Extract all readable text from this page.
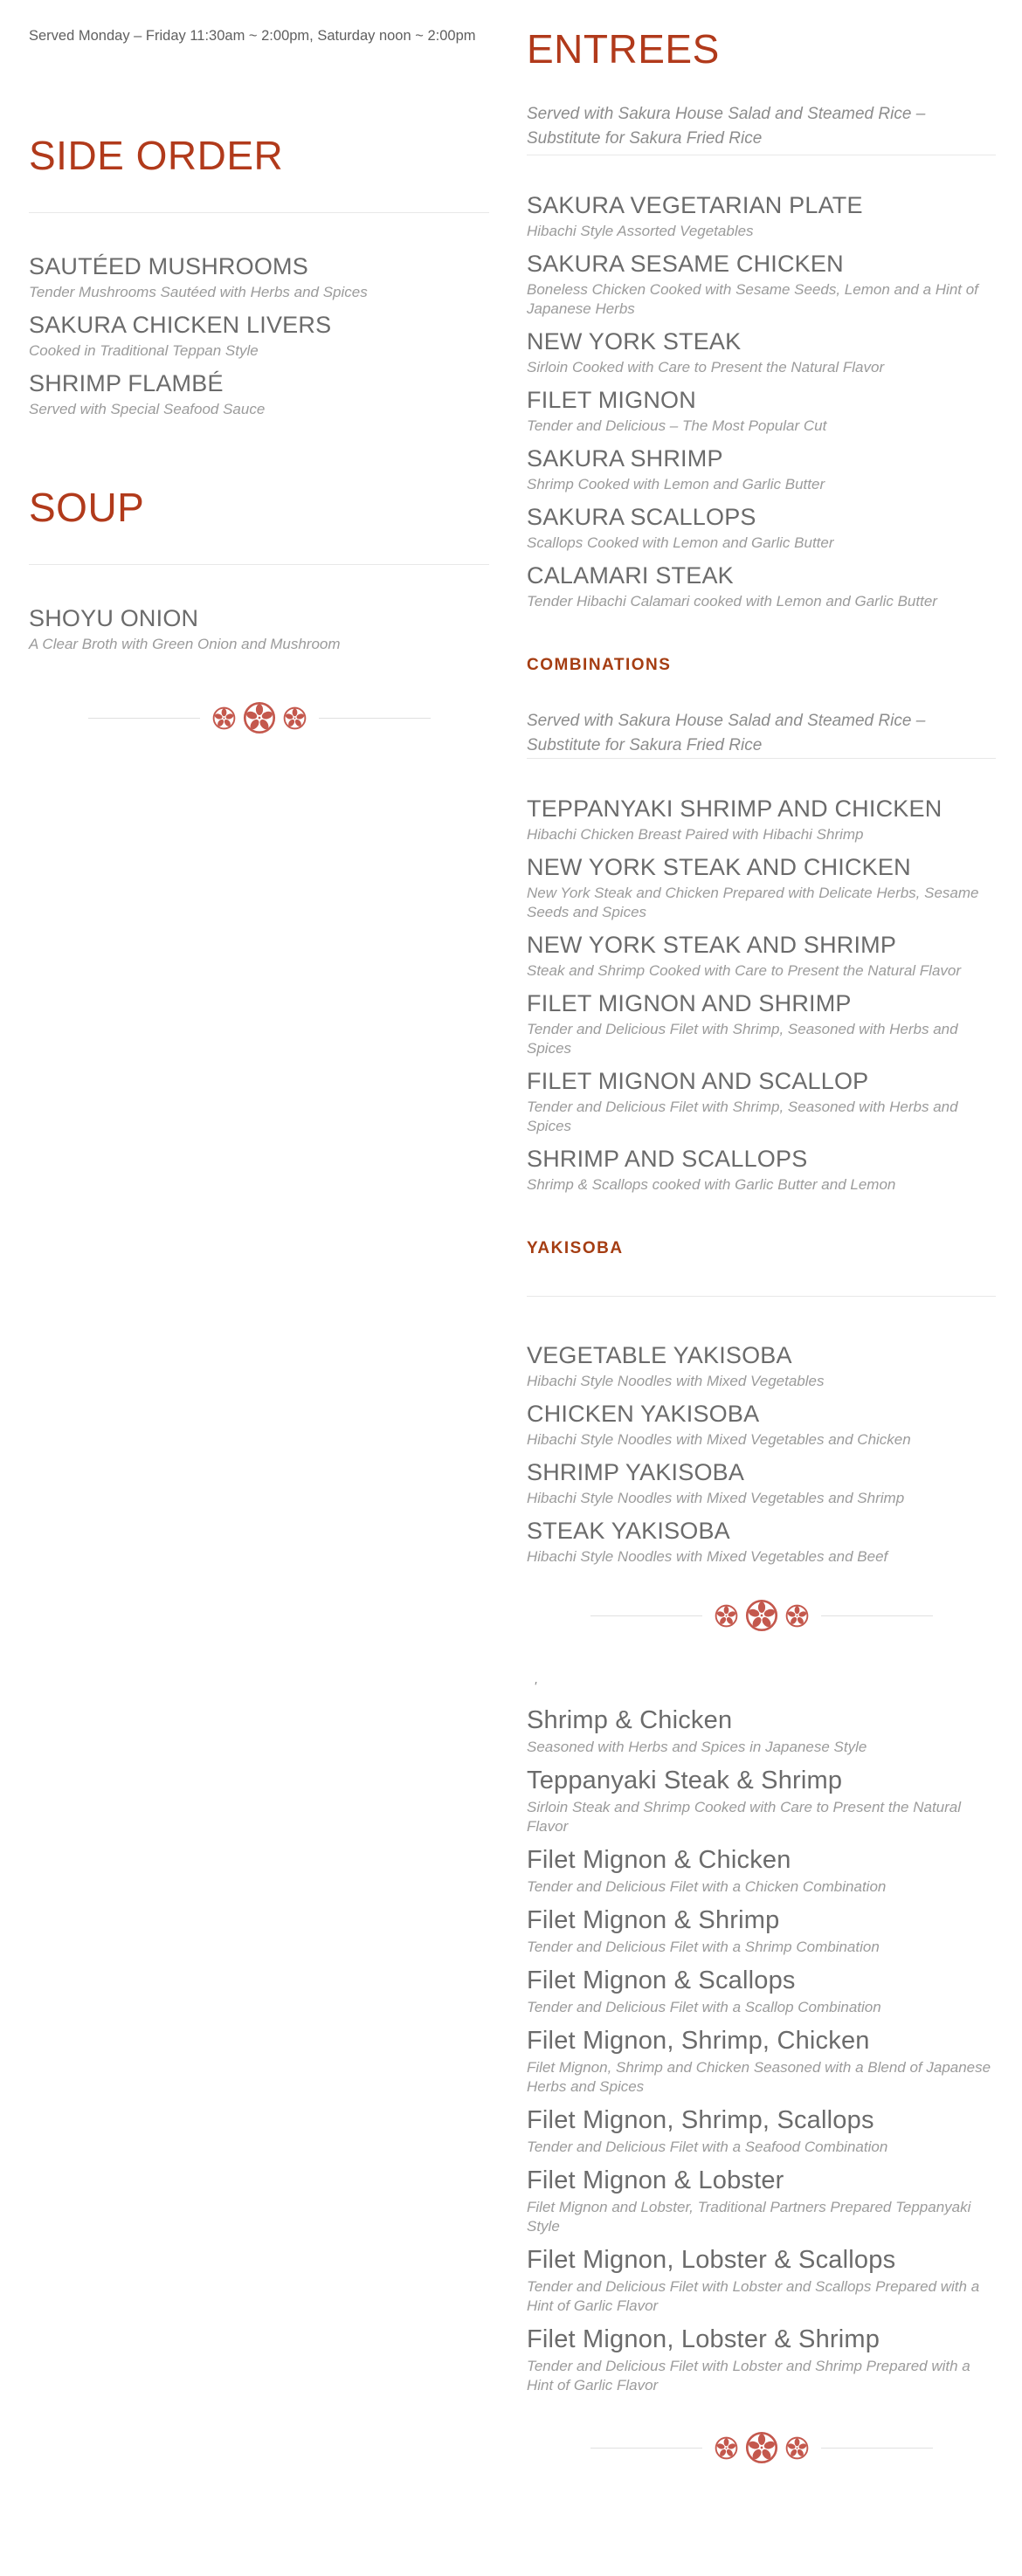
Served Monday – Friday 11:30am ~ 2:00pm, Saturday noon ~ 2:00pm

SIDE ORDER
SAUTÉED MUSHROOMS
Tender Mushrooms Sautéed with Herbs and Spices
SAKURA CHICKEN LIVERS
Cooked in Traditional Teppan Style
SHRIMP FLAMBÉ
Served with Special Seafood Sauce
SOUP
SHOYU ONION
A Clear Broth with Green Onion and Mushroom
ENTREES

Served with Sakura House Salad and Steamed Rice – Substitute for Sakura Fried Rice

SAKURA VEGETARIAN PLATE
Hibachi Style Assorted Vegetables
SAKURA SESAME CHICKEN
Boneless Chicken Cooked with Sesame Seeds, Lemon and a Hint of Japanese Herbs
NEW YORK STEAK
Sirloin Cooked with Care to Present the Natural Flavor
FILET MIGNON
Tender and Delicious – The Most Popular Cut
SAKURA SHRIMP
Shrimp Cooked with Lemon and Garlic Butter
SAKURA SCALLOPS
Scallops Cooked with Lemon and Garlic Butter
CALAMARI STEAK
Tender Hibachi Calamari cooked with Lemon and Garlic Butter
COMBINATIONS

Served with Sakura House Salad and Steamed Rice – Substitute for Sakura Fried Rice

TEPPANYAKI SHRIMP AND CHICKEN
Hibachi Chicken Breast Paired with Hibachi Shrimp
NEW YORK STEAK AND CHICKEN
New York Steak and Chicken Prepared with Delicate Herbs, Sesame Seeds and Spices
NEW YORK STEAK AND SHRIMP
Steak and Shrimp Cooked with Care to Present the Natural Flavor
FILET MIGNON AND SHRIMP
Tender and Delicious Filet with Shrimp, Seasoned with Herbs and Spices
FILET MIGNON AND SCALLOP
Tender and Delicious Filet with Shrimp, Seasoned with Herbs and Spices
SHRIMP AND SCALLOPS
Shrimp & Scallops cooked with Garlic Butter and Lemon
YAKISOBA
VEGETABLE YAKISOBA
Hibachi Style Noodles with Mixed Vegetables
CHICKEN YAKISOBA
Hibachi Style Noodles with Mixed Vegetables and Chicken
SHRIMP YAKISOBA
Hibachi Style Noodles with Mixed Vegetables and Shrimp
STEAK YAKISOBA
Hibachi Style Noodles with Mixed Vegetables and Beef
'
Shrimp & Chicken
Seasoned with Herbs and Spices in Japanese Style
Teppanyaki Steak & Shrimp
Sirloin Steak and Shrimp Cooked with Care to Present the Natural Flavor
Filet Mignon & Chicken
Tender and Delicious Filet with a Chicken Combination
Filet Mignon & Shrimp
Tender and Delicious Filet with a Shrimp Combination
Filet Mignon & Scallops
Tender and Delicious Filet with a Scallop Combination
Filet Mignon, Shrimp, Chicken
Filet Mignon, Shrimp and Chicken Seasoned with a Blend of Japanese Herbs and Spices
Filet Mignon, Shrimp, Scallops
Tender and Delicious Filet with a Seafood Combination
Filet Mignon & Lobster
Filet Mignon and Lobster, Traditional Partners Prepared Teppanyaki Style
Filet Mignon, Lobster & Scallops
Tender and Delicious Filet with Lobster and Scallops Prepared with a Hint of Garlic Flavor
Filet Mignon, Lobster & Shrimp
Tender and Delicious Filet with Lobster and Shrimp Prepared with a Hint of Garlic Flavor
